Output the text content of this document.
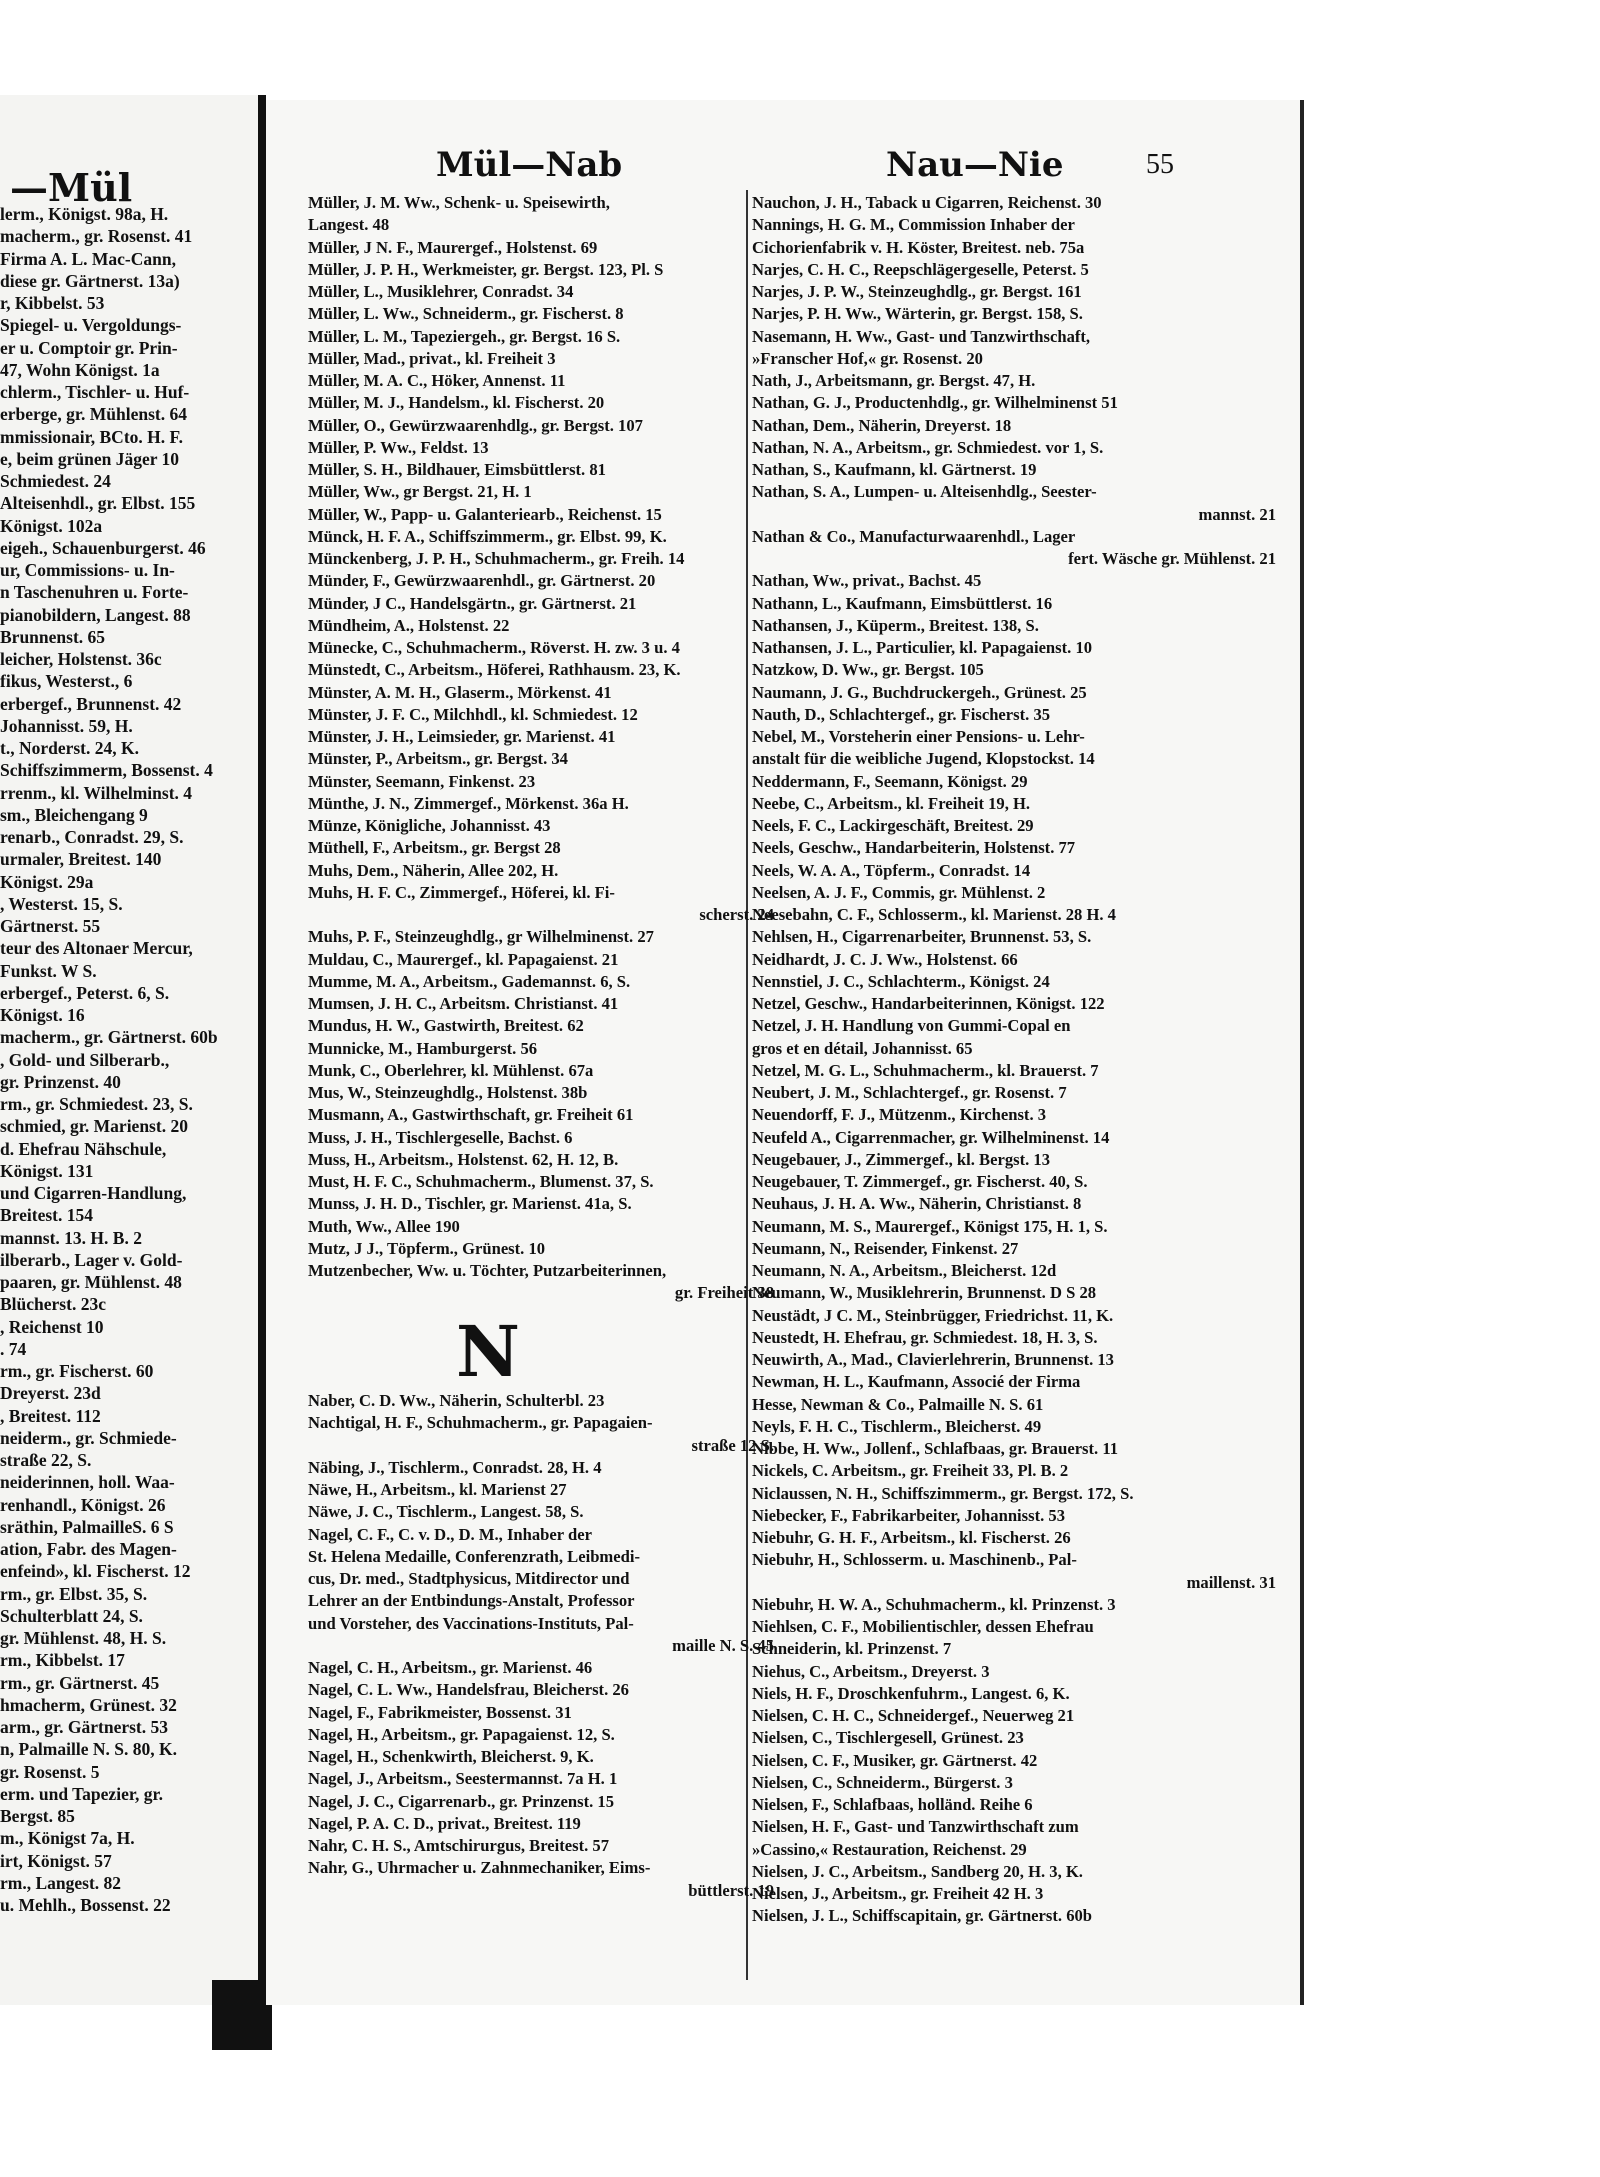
—Mül
lerm., Königst. 98a, H.
macherm., gr. Rosenst. 41
Firma A. L. Mac-Cann,
diese gr. Gärtnerst. 13a)
r, Kibbelst. 53
Spiegel- u. Vergoldungs-
er u. Comptoir gr. Prin-
47, Wohn Königst. 1a
chlerm., Tischler- u. Huf-
erberge, gr. Mühlenst. 64
mmissionair, BCto. H. F.
e, beim grünen Jäger 10
Schmiedest. 24
Alteisenhdl., gr. Elbst. 155
Königst. 102a
eigeh., Schauenburgerst. 46
ur, Commissions- u. In-
n Taschenuhren u. Forte-
pianobildern, Langest. 88
Brunnenst. 65
leicher, Holstenst. 36c
fikus, Westerst., 6
erbergef., Brunnenst. 42
Johannisst. 59, H.
t., Norderst. 24, K.
Schiffszimmerm, Bossenst. 4
rrenm., kl. Wilhelminst. 4
sm., Bleichengang 9
renarb., Conradst. 29, S.
urmaler, Breitest. 140
Königst. 29a
, Westerst. 15, S.
Gärtnerst. 55
teur des Altonaer Mercur,
Funkst. W S.
erbergef., Peterst. 6, S.
Königst. 16
macherm., gr. Gärtnerst. 60b
, Gold- und Silberarb.,
gr. Prinzenst. 40
rm., gr. Schmiedest. 23, S.
schmied, gr. Marienst. 20
d. Ehefrau Nähschule,
Königst. 131
und Cigarren-Handlung,
Breitest. 154
mannst. 13. H. B. 2
ilberarb., Lager v. Gold-
paaren, gr. Mühlenst. 48
Blücherst. 23c
, Reichenst 10
. 74
rm., gr. Fischerst. 60
Dreyerst. 23d
, Breitest. 112
neiderm., gr. Schmiede-
straße 22, S.
neiderinnen, holl. Waa-
renhandl., Königst. 26
sräthin, PalmailleS. 6 S
ation, Fabr. des Magen-
enfeind», kl. Fischerst. 12
rm., gr. Elbst. 35, S.
Schulterblatt 24, S.
gr. Mühlenst. 48, H. S.
rm., Kibbelst. 17
rm., gr. Gärtnerst. 45
hmacherm, Grünest. 32
arm., gr. Gärtnerst. 53
n, Palmaille N. S. 80, K.
gr. Rosenst. 5
erm. und Tapezier, gr.
Bergst. 85
m., Königst 7a, H.
irt, Königst. 57
rm., Langest. 82
u. Mehlh., Bossenst. 22
Mül—Nab	Nau—Nie	55
Müller, J. M. Ww., Schenk- u. Speisewirth,
Langest. 48
Müller, J N. F., Maurergef., Holstenst. 69
Müller, J. P. H., Werkmeister, gr. Bergst. 123, Pl. S
Müller, L., Musiklehrer, Conradst. 34
Müller, L. Ww., Schneiderm., gr. Fischerst. 8
Müller, L. M., Tapeziergeh., gr. Bergst. 16 S.
Müller, Mad., privat., kl. Freiheit 3
Müller, M. A. C., Höker, Annenst. 11
Müller, M. J., Handelsm., kl. Fischerst. 20
Müller, O., Gewürzwaarenhdlg., gr. Bergst. 107
Müller, P. Ww., Feldst. 13
Müller, S. H., Bildhauer, Eimsbüttlerst. 81
Müller, Ww., gr Bergst. 21, H. 1
Müller, W., Papp- u. Galanteriearb., Reichenst. 15
Münck, H. F. A., Schiffszimmerm., gr. Elbst. 99, K.
Münckenberg, J. P. H., Schuhmacherm., gr. Freih. 14
Münder, F., Gewürzwaarenhdl., gr. Gärtnerst. 20
Münder, J C., Handelsgärtn., gr. Gärtnerst. 21
Mündheim, A., Holstenst. 22
Münecke, C., Schuhmacherm., Röverst. H. zw. 3 u. 4
Münstedt, C., Arbeitsm., Höferei, Rathhausm. 23, K.
Münster, A. M. H., Glaserm., Mörkenst. 41
Münster, J. F. C., Milchhdl., kl. Schmiedest. 12
Münster, J. H., Leimsieder, gr. Marienst. 41
Münster, P., Arbeitsm., gr. Bergst. 34
Münster, Seemann, Finkenst. 23
Münthe, J. N., Zimmergef., Mörkenst. 36a H.
Münze, Königliche, Johannisst. 43
Müthell, F., Arbeitsm., gr. Bergst 28
Muhs, Dem., Näherin, Allee 202, H.
Muhs, H. F. C., Zimmergef., Höferei, kl. Fi-
scherst. 24
Muhs, P. F., Steinzeughdlg., gr Wilhelminenst. 27
Muldau, C., Maurergef., kl. Papagaienst. 21
Mumme, M. A., Arbeitsm., Gademannst. 6, S.
Mumsen, J. H. C., Arbeitsm. Christianst. 41
Mundus, H. W., Gastwirth, Breitest. 62
Munnicke, M., Hamburgerst. 56
Munk, C., Oberlehrer, kl. Mühlenst. 67a
Mus, W., Steinzeughdlg., Holstenst. 38b
Musmann, A., Gastwirthschaft, gr. Freiheit 61
Muss, J. H., Tischlergeselle, Bachst. 6
Muss, H., Arbeitsm., Holstenst. 62, H. 12, B.
Must, H. F. C., Schuhmacherm., Blumenst. 37, S.
Munss, J. H. D., Tischler, gr. Marienst. 41a, S.
Muth, Ww., Allee 190
Mutz, J J., Töpferm., Grünest. 10
Mutzenbecher, Ww. u. Töchter, Putzarbeiterinnen,
gr. Freiheit 38
N
Naber, C. D. Ww., Näherin, Schulterbl. 23
Nachtigal, H. F., Schuhmacherm., gr. Papagaien-
straße 12 S.
Näbing, J., Tischlerm., Conradst. 28, H. 4
Näwe, H., Arbeitsm., kl. Marienst 27
Näwe, J. C., Tischlerm., Langest. 58, S.
Nagel, C. F., C. v. D., D. M., Inhaber der
St. Helena Medaille, Conferenzrath, Leibmedi-
cus, Dr. med., Stadtphysicus, Mitdirector und
Lehrer an der Entbindungs-Anstalt, Professor
und Vorsteher, des Vaccinations-Instituts, Pal-
maille N. S. 45
Nagel, C. H., Arbeitsm., gr. Marienst. 46
Nagel, C. L. Ww., Handelsfrau, Bleicherst. 26
Nagel, F., Fabrikmeister, Bossenst. 31
Nagel, H., Arbeitsm., gr. Papagaienst. 12, S.
Nagel, H., Schenkwirth, Bleicherst. 9, K.
Nagel, J., Arbeitsm., Seestermannst. 7a H. 1
Nagel, J. C., Cigarrenarb., gr. Prinzenst. 15
Nagel, P. A. C. D., privat., Breitest. 119
Nahr, C. H. S., Amtschirurgus, Breitest. 57
Nahr, G., Uhrmacher u. Zahnmechaniker, Eims-
büttlerst. 19
Nauchon, J. H., Taback u Cigarren, Reichenst. 30
Nannings, H. G. M., Commission Inhaber der
Cichorienfabrik v. H. Köster, Breitest. neb. 75a
Narjes, C. H. C., Reepschlägergeselle, Peterst. 5
Narjes, J. P. W., Steinzeughdlg., gr. Bergst. 161
Narjes, P. H. Ww., Wärterin, gr. Bergst. 158, S.
Nasemann, H. Ww., Gast- und Tanzwirthschaft,
»Franscher Hof,« gr. Rosenst. 20
Nath, J., Arbeitsmann, gr. Bergst. 47, H.
Nathan, G. J., Productenhdlg., gr. Wilhelminenst 51
Nathan, Dem., Näherin, Dreyerst. 18
Nathan, N. A., Arbeitsm., gr. Schmiedest. vor 1, S.
Nathan, S., Kaufmann, kl. Gärtnerst. 19
Nathan, S. A., Lumpen- u. Alteisenhdlg., Seester-
mannst. 21
Nathan & Co., Manufacturwaarenhdl., Lager
fert. Wäsche gr. Mühlenst. 21
Nathan, Ww., privat., Bachst. 45
Nathann, L., Kaufmann, Eimsbüttlerst. 16
Nathansen, J., Küperm., Breitest. 138, S.
Nathansen, J. L., Particulier, kl. Papagaienst. 10
Natzkow, D. Ww., gr. Bergst. 105
Naumann, J. G., Buchdruckergeh., Grünest. 25
Nauth, D., Schlachtergef., gr. Fischerst. 35
Nebel, M., Vorsteherin einer Pensions- u. Lehr-
anstalt für die weibliche Jugend, Klopstockst. 14
Neddermann, F., Seemann, Königst. 29
Neebe, C., Arbeitsm., kl. Freiheit 19, H.
Neels, F. C., Lackirgeschäft, Breitest. 29
Neels, Geschw., Handarbeiterin, Holstenst. 77
Neels, W. A. A., Töpferm., Conradst. 14
Neelsen, A. J. F., Commis, gr. Mühlenst. 2
Neesebahn, C. F., Schlosserm., kl. Marienst. 28 H. 4
Nehlsen, H., Cigarrenarbeiter, Brunnenst. 53, S.
Neidhardt, J. C. J. Ww., Holstenst. 66
Nennstiel, J. C., Schlachterm., Königst. 24
Netzel, Geschw., Handarbeiterinnen, Königst. 122
Netzel, J. H. Handlung von Gummi-Copal en
gros et en détail, Johannisst. 65
Netzel, M. G. L., Schuhmacherm., kl. Brauerst. 7
Neubert, J. M., Schlachtergef., gr. Rosenst. 7
Neuendorff, F. J., Mützenm., Kirchenst. 3
Neufeld A., Cigarrenmacher, gr. Wilhelminenst. 14
Neugebauer, J., Zimmergef., kl. Bergst. 13
Neugebauer, T. Zimmergef., gr. Fischerst. 40, S.
Neuhaus, J. H. A. Ww., Näherin, Christianst. 8
Neumann, M. S., Maurergef., Königst 175, H. 1, S.
Neumann, N., Reisender, Finkenst. 27
Neumann, N. A., Arbeitsm., Bleicherst. 12d
Neumann, W., Musiklehrerin, Brunnenst. D S 28
Neustädt, J C. M., Steinbrügger, Friedrichst. 11, K.
Neustedt, H. Ehefrau, gr. Schmiedest. 18, H. 3, S.
Neuwirth, A., Mad., Clavierlehrerin, Brunnenst. 13
Newman, H. L., Kaufmann, Associé der Firma
Hesse, Newman & Co., Palmaille N. S. 61
Neyls, F. H. C., Tischlerm., Bleicherst. 49
Nibbe, H. Ww., Jollenf., Schlafbaas, gr. Brauerst. 11
Nickels, C. Arbeitsm., gr. Freiheit 33, Pl. B. 2
Niclaussen, N. H., Schiffszimmerm., gr. Bergst. 172, S.
Niebecker, F., Fabrikarbeiter, Johannisst. 53
Niebuhr, G. H. F., Arbeitsm., kl. Fischerst. 26
Niebuhr, H., Schlosserm. u. Maschinenb., Pal-
maillenst. 31
Niebuhr, H. W. A., Schuhmacherm., kl. Prinzenst. 3
Niehlsen, C. F., Mobilientischler, dessen Ehefrau
Schneiderin, kl. Prinzenst. 7
Niehus, C., Arbeitsm., Dreyerst. 3
Niels, H. F., Droschkenfuhrm., Langest. 6, K.
Nielsen, C. H. C., Schneidergef., Neuerweg 21
Nielsen, C., Tischlergesell, Grünest. 23
Nielsen, C. F., Musiker, gr. Gärtnerst. 42
Nielsen, C., Schneiderm., Bürgerst. 3
Nielsen, F., Schlafbaas, holländ. Reihe 6
Nielsen, H. F., Gast- und Tanzwirthschaft zum
»Cassino,« Restauration, Reichenst. 29
Nielsen, J. C., Arbeitsm., Sandberg 20, H. 3, K.
Nielsen, J., Arbeitsm., gr. Freiheit 42 H. 3
Nielsen, J. L., Schiffscapitain, gr. Gärtnerst. 60b
